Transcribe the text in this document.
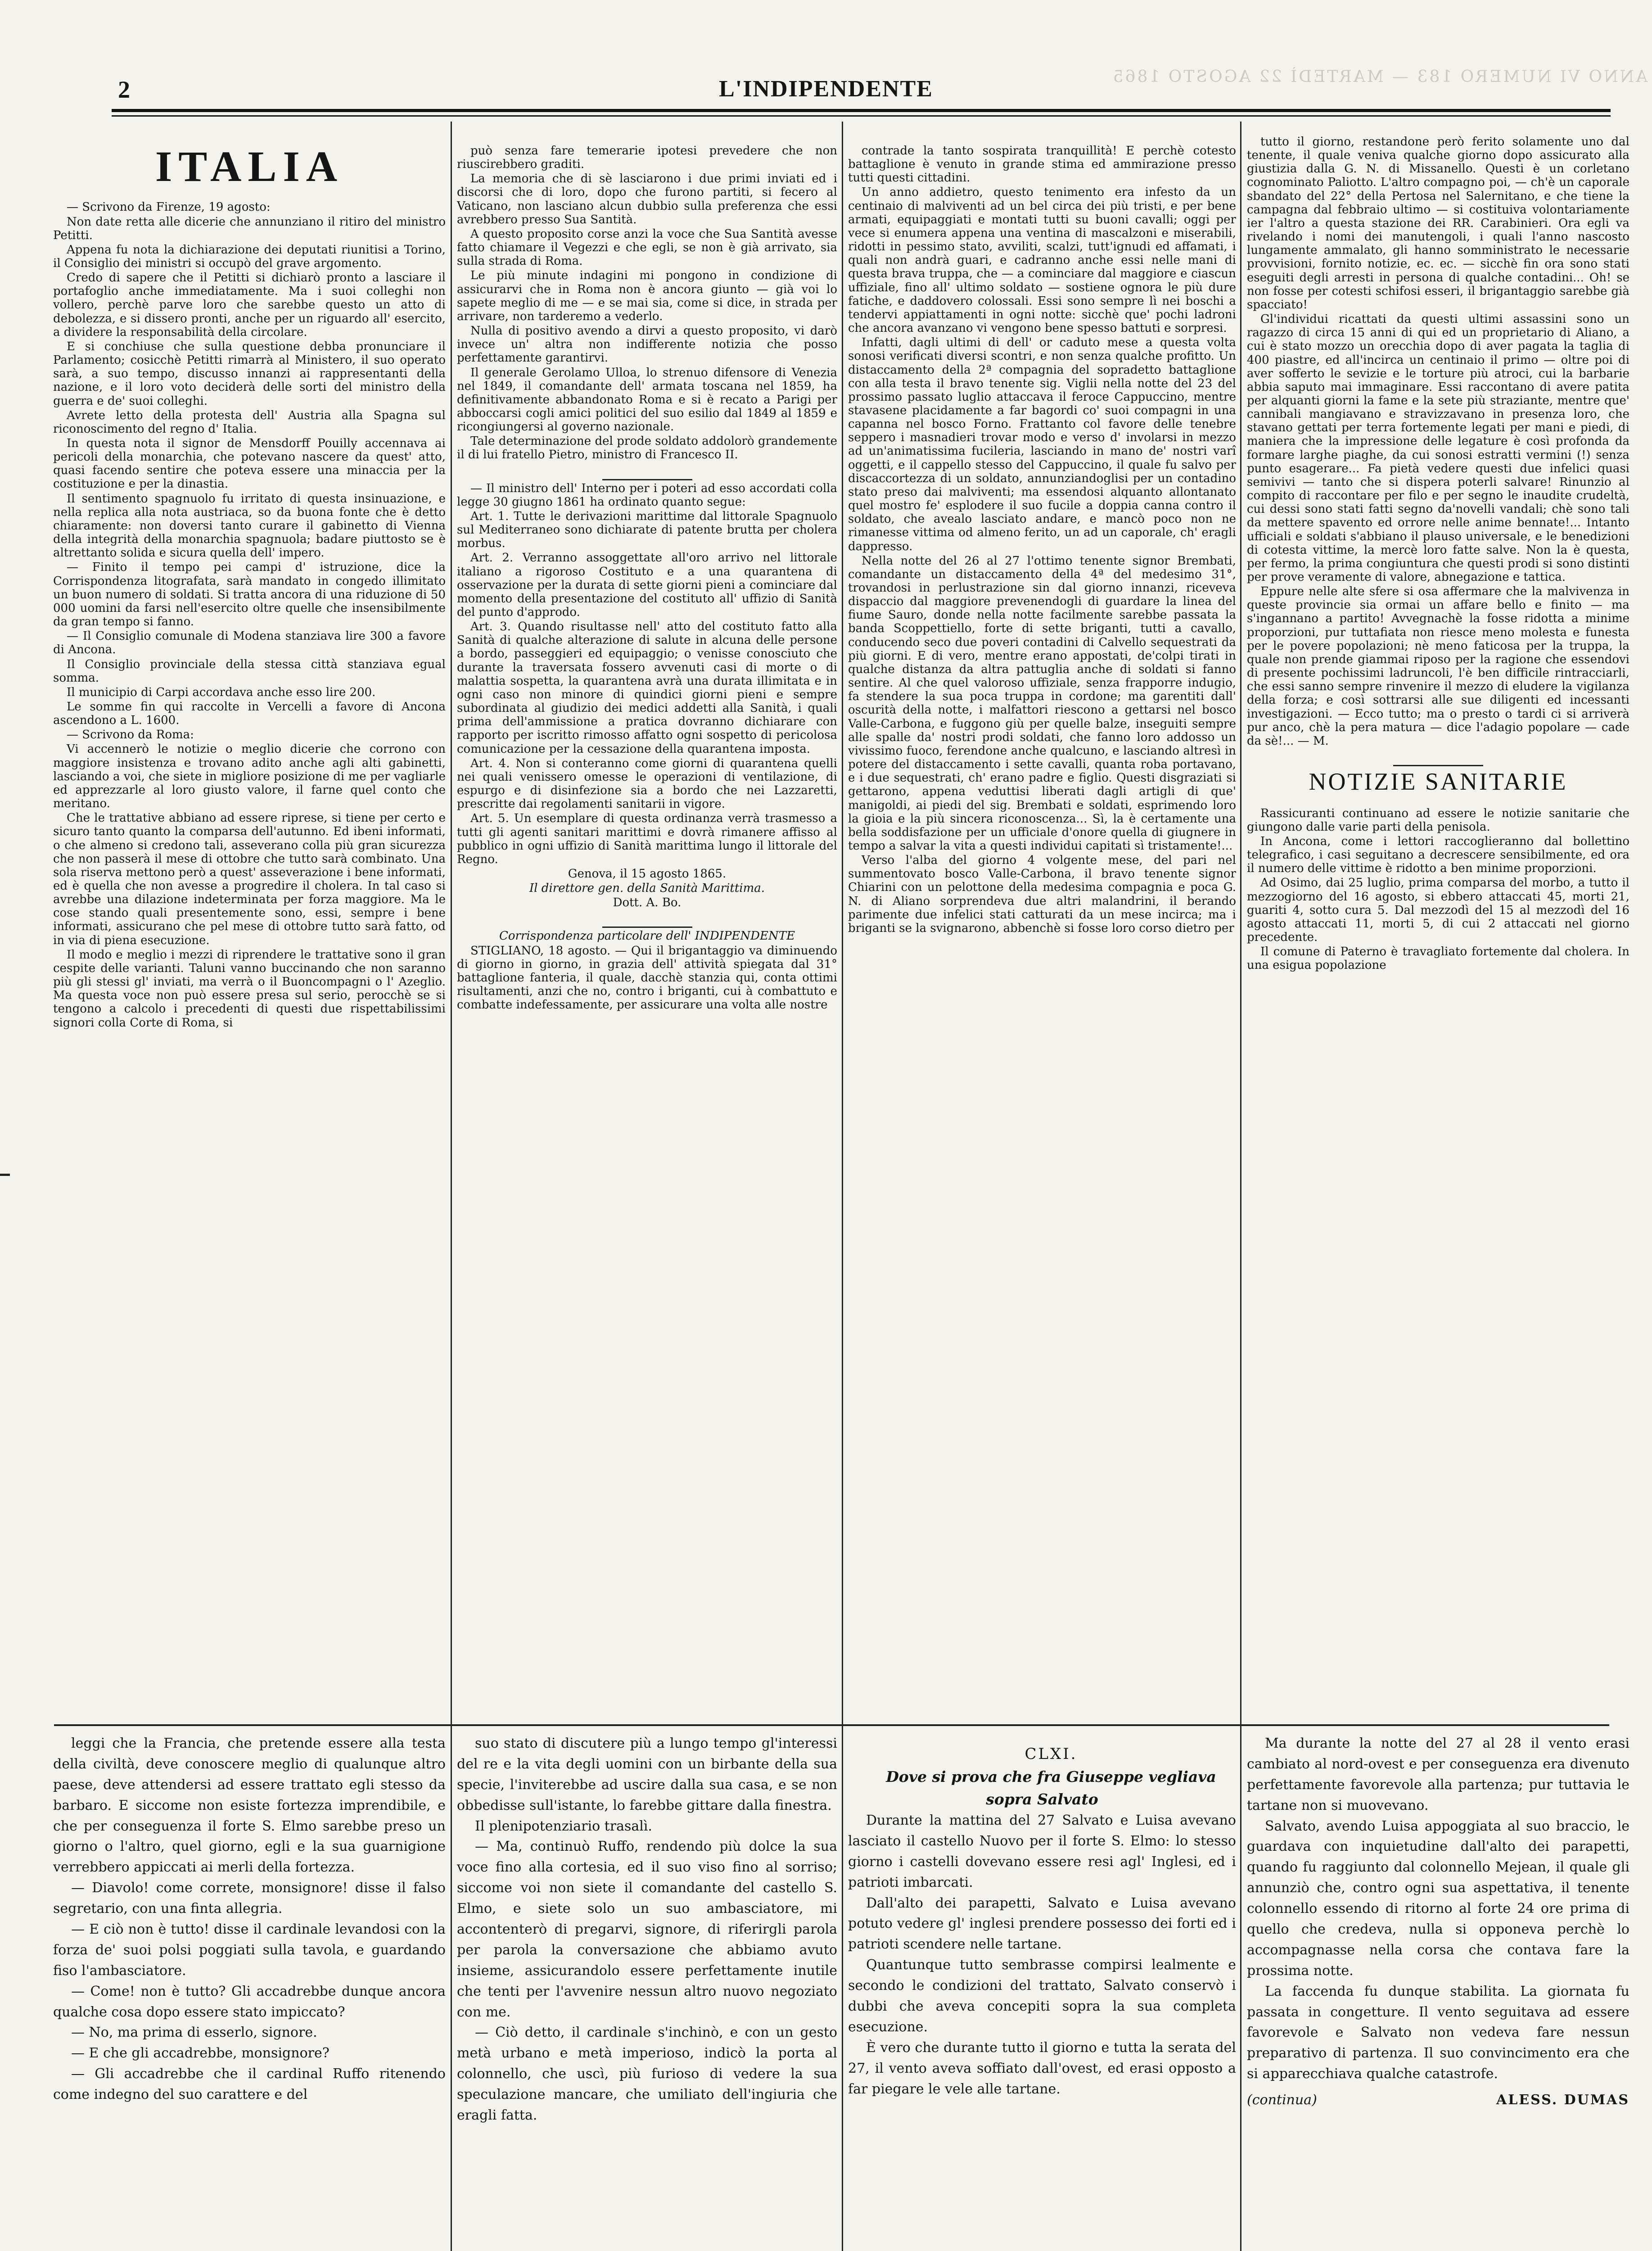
ANNO VI NUMERO 183 — MARTEDÌ 22 AGOSTO 1865
2	L'INDIPENDENTE
ITALIA

— Scrivono da Firenze, 19 agosto:

Non date retta alle dicerie che annunziano il ritiro del ministro Petitti.

Appena fu nota la dichiarazione dei deputati riunitisi a Torino, il Consiglio dei ministri si occupò del grave argomento.

Credo di sapere che il Petitti si dichiarò pronto a lasciare il portafoglio anche immediatamente. Ma i suoi colleghi non vollero, perchè parve loro che sarebbe questo un atto di debolezza, e si dissero pronti, anche per un riguardo all' esercito, a dividere la responsabilità della circolare.

E si conchiuse che sulla questione debba pronunciare il Parlamento; cosicchè Petitti rimarrà al Ministero, il suo operato sarà, a suo tempo, discusso innanzi ai rappresentanti della nazione, e il loro voto deciderà delle sorti del ministro della guerra e de' suoi colleghi.

Avrete letto della protesta dell' Austria alla Spagna sul riconoscimento del regno d' Italia.

In questa nota il signor de Mensdorff Pouilly accennava ai pericoli della monarchia, che potevano nascere da quest' atto, quasi facendo sentire che poteva essere una minaccia per la costituzione e per la dinastia.

Il sentimento spagnuolo fu irritato di questa insinuazione, e nella replica alla nota austriaca, so da buona fonte che è detto chiaramente: non doversi tanto curare il gabinetto di Vienna della integrità della monarchia spagnuola; badare piuttosto se è altrettanto solida e sicura quella dell' impero.

— Finito il tempo pei campi d' istruzione, dice la Corrispondenza litografata, sarà mandato in congedo illimitato un buon numero di soldati. Si tratta ancora di una riduzione di 50 000 uomini da farsi nell'esercito oltre quelle che insensibilmente da gran tempo si fanno.

— Il Consiglio comunale di Modena stanziava lire 300 a favore di Ancona.

Il Consiglio provinciale della stessa città stanziava egual somma.

Il municipio di Carpi accordava anche esso lire 200.

Le somme fin qui raccolte in Vercelli a favore di Ancona ascendono a L. 1600.

— Scrivono da Roma:

Vi accennerò le notizie o meglio dicerie che corrono con maggiore insistenza e trovano adito anche agli alti gabinetti, lasciando a voi, che siete in migliore posizione di me per vagliarle ed apprezzarle al loro giusto valore, il farne quel conto che meritano.

Che le trattative abbiano ad essere riprese, si tiene per certo e sicuro tanto quanto la comparsa dell'autunno. Ed ibeni informati, o che almeno si credono tali, asseverano colla più gran sicurezza che non passerà il mese di ottobre che tutto sarà combinato. Una sola riserva mettono però a quest' asseverazione i bene informati, ed è quella che non avesse a progredire il cholera. In tal caso si avrebbe una dilazione indeterminata per forza maggiore. Ma le cose stando quali presentemente sono, essi, sempre i bene informati, assicurano che pel mese di ottobre tutto sarà fatto, od in via di piena esecuzione.

Il modo e meglio i mezzi di riprendere le trattative sono il gran cespite delle varianti. Taluni vanno buccinando che non saranno più gli stessi gl' inviati, ma verrà o il Buoncompagni o l' Azeglio. Ma questa voce non può essere presa sul serio, perocchè se si tengono a calcolo i precedenti di questi due rispettabilissimi signori colla Corte di Roma, si

può senza fare temerarie ipotesi prevedere che non riuscirebbero graditi.

La memoria che di sè lasciarono i due primi inviati ed i discorsi che di loro, dopo che furono partiti, si fecero al Vaticano, non lasciano alcun dubbio sulla preferenza che essi avrebbero presso Sua Santità.

A questo proposito corse anzi la voce che Sua Santità avesse fatto chiamare il Vegezzi e che egli, se non è già arrivato, sia sulla strada di Roma.

Le più minute indagini mi pongono in condizione di assicurarvi che in Roma non è ancora giunto — già voi lo sapete meglio di me — e se mai sia, come si dice, in strada per arrivare, non tarderemo a vederlo.

Nulla di positivo avendo a dirvi a questo proposito, vi darò invece un' altra non indifferente notizia che posso perfettamente garantirvi.

Il generale Gerolamo Ulloa, lo strenuo difensore di Venezia nel 1849, il comandante dell' armata toscana nel 1859, ha definitivamente abbandonato Roma e si è recato a Parigi per abboccarsi cogli amici politici del suo esilio dal 1849 al 1859 e ricongiungersi al governo nazionale.

Tale determinazione del prode soldato addolorò grandemente il di lui fratello Pietro, ministro di Francesco II.

— Il ministro dell' Interno per i poteri ad esso accordati colla legge 30 giugno 1861 ha ordinato quanto segue:

Art. 1. Tutte le derivazioni marittime dal littorale Spagnuolo sul Mediterraneo sono dichiarate di patente brutta per cholera morbus.

Art. 2. Verranno assoggettate all'oro arrivo nel littorale italiano a rigoroso Costituto e a una quarantena di osservazione per la durata di sette giorni pieni a cominciare dal momento della presentazione del costituto all' uffizio di Sanità del punto d'approdo.

Art. 3. Quando risultasse nell' atto del costituto fatto alla Sanità di qualche alterazione di salute in alcuna delle persone a bordo, passeggieri ed equipaggio; o venisse conosciuto che durante la traversata fossero avvenuti casi di morte o di malattia sospetta, la quarantena avrà una durata illimitata e in ogni caso non minore di quindici giorni pieni e sempre subordinata al giudizio dei medici addetti alla Sanità, i quali prima dell'ammissione a pratica dovranno dichiarare con rapporto per iscritto rimosso affatto ogni sospetto di pericolosa comunicazione per la cessazione della quarantena imposta.

Art. 4. Non si conteranno come giorni di quarantena quelli nei quali venissero omesse le operazioni di ventilazione, di espurgo e di disinfezione sia a bordo che nei Lazzaretti, prescritte dai regolamenti sanitarii in vigore.

Art. 5. Un esemplare di questa ordinanza verrà trasmesso a tutti gli agenti sanitari marittimi e dovrà rimanere affisso al pubblico in ogni uffizio di Sanità marittima lungo il littorale del Regno.

Genova, il 15 agosto 1865.

Il direttore gen. della Sanità Marittima.

Dott. A. Bo.

Corrispondenza particolare dell' INDIPENDENTE

STIGLIANO, 18 agosto. — Qui il brigantaggio va diminuendo di giorno in giorno, in grazia dell' attività spiegata dal 31° battaglione fanteria, il quale, dacchè stanzia qui, conta ottimi risultamenti, anzi che no, contro i briganti, cui à combattuto e combatte indefessamente, per assicurare una volta alle nostre

contrade la tanto sospirata tranquillità! E perchè cotesto battaglione è venuto in grande stima ed ammirazione presso tutti questi cittadini.

Un anno addietro, questo tenimento era infesto da un centinaio di malviventi ad un bel circa dei più tristi, e per bene armati, equipaggiati e montati tutti su buoni cavalli; oggi per vece si enumera appena una ventina di mascalzoni e miserabili, ridotti in pessimo stato, avviliti, scalzi, tutt'ignudi ed affamati, i quali non andrà guari, e cadranno anche essi nelle mani di questa brava truppa, che — a cominciare dal maggiore e ciascun uffiziale, fino all' ultimo soldato — sostiene ognora le più dure fatiche, e daddovero colossali. Essi sono sempre lì nei boschi a tendervi appiattamenti in ogni notte: sicchè que' pochi ladroni che ancora avanzano vi vengono bene spesso battuti e sorpresi.

Infatti, dagli ultimi di dell' or caduto mese a questa volta sonosi verificati diversi scontri, e non senza qualche profitto. Un distaccamento della 2ª compagnia del sopradetto battaglione con alla testa il bravo tenente sig. Viglii nella notte del 23 del prossimo passato luglio attaccava il feroce Cappuccino, mentre stavasene placidamente a far bagordi co' suoi compagni in una capanna nel bosco Forno. Frattanto col favore delle tenebre seppero i masnadieri trovar modo e verso d' involarsi in mezzo ad un'animatissima fucileria, lasciando in mano de' nostri varî oggetti, e il cappello stesso del Cappuccino, il quale fu salvo per discaccortezza di un soldato, annunziandoglisi per un contadino stato preso dai malviventi; ma essendosi alquanto allontanato quel mostro fe' esplodere il suo fucile a doppia canna contro il soldato, che avealo lasciato andare, e mancò poco non ne rimanesse vittima od almeno ferito, un ad un caporale, ch' eragli dappresso.

Nella notte del 26 al 27 l'ottimo tenente signor Brembati, comandante un distaccamento della 4ª del medesimo 31°, trovandosi in perlustrazione sin dal giorno innanzi, riceveva dispaccio dal maggiore prevenendogli di guardare la linea del fiume Sauro, donde nella notte facilmente sarebbe passata la banda Scoppettiello, forte di sette briganti, tutti a cavallo, conducendo seco due poveri contadini di Calvello sequestrati da più giorni. E di vero, mentre erano appostati, de'colpi tirati in qualche distanza da altra pattuglia anche di soldati si fanno sentire. Al che quel valoroso uffiziale, senza frapporre indugio, fa stendere la sua poca truppa in cordone; ma garentiti dall' oscurità della notte, i malfattori riescono a gettarsi nel bosco Valle-Carbona, e fuggono giù per quelle balze, inseguiti sempre alle spalle da' nostri prodi soldati, che fanno loro addosso un vivissimo fuoco, ferendone anche qualcuno, e lasciando altresì in potere del distaccamento i sette cavalli, quanta roba portavano, e i due sequestrati, ch' erano padre e figlio. Questi disgraziati si gettarono, appena veduttisi liberati dagli artigli di que' manigoldi, ai piedi del sig. Brembati e soldati, esprimendo loro la gioia e la più sincera riconoscenza... Sì, la è certamente una bella soddisfazione per un ufficiale d'onore quella di giugnere in tempo a salvar la vita a questi individui capitati sì tristamente!...

Verso l'alba del giorno 4 volgente mese, del pari nel summentovato bosco Valle-Carbona, il bravo tenente signor Chiarini con un pelottone della medesima compagnia e poca G. N. di Aliano sorprendeva due altri malandrini, il berando parimente due infelici stati catturati da un mese incirca; ma i briganti se la svignarono, abbenchè si fosse loro corso dietro per

tutto il giorno, restandone però ferito solamente uno dal tenente, il quale veniva qualche giorno dopo assicurato alla giustizia dalla G. N. di Missanello. Questi è un corletano cognominato Paliotto. L'altro compagno poi, — ch'è un caporale sbandato del 22° della Pertosa nel Salernitano, e che tiene la campagna dal febbraio ultimo — si costituiva volontariamente ier l'altro a questa stazione dei RR. Carabinieri. Ora egli va rivelando i nomi dei manutengoli, i quali l'anno nascosto lungamente ammalato, gli hanno somministrato le necessarie provvisioni, fornito notizie, ec. ec. — sicchè fin ora sono stati eseguiti degli arresti in persona di qualche contadini... Oh! se non fosse per cotesti schifosi esseri, il brigantaggio sarebbe già spacciato!

Gl'individui ricattati da questi ultimi assassini sono un ragazzo di circa 15 anni di qui ed un proprietario di Aliano, a cui è stato mozzo un orecchia dopo di aver pagata la taglia di 400 piastre, ed all'incirca un centinaio il primo — oltre poi di aver sofferto le sevizie e le torture più atroci, cui la barbarie abbia saputo mai immaginare. Essi raccontano di avere patita per alquanti giorni la fame e la sete più straziante, mentre que' cannibali mangiavano e stravizzavano in presenza loro, che stavano gettati per terra fortemente legati per mani e piedi, di maniera che la impressione delle legature è così profonda da formare larghe piaghe, da cui sonosi estratti vermini (!) senza punto esagerare... Fa pietà vedere questi due infelici quasi semivivi — tanto che si dispera poterli salvare! Rinunzio al compito di raccontare per filo e per segno le inaudite crudeltà, cui dessi sono stati fatti segno da'novelli vandali; chè sono tali da mettere spavento ed orrore nelle anime bennate!... Intanto ufficiali e soldati s'abbiano il plauso universale, e le benedizioni di cotesta vittime, la mercè loro fatte salve. Non la è questa, per fermo, la prima congiuntura che questi prodi si sono distinti per prove veramente di valore, abnegazione e tattica.

Eppure nelle alte sfere si osa affermare che la malvivenza in queste provincie sia ormai un affare bello e finito — ma s'ingannano a partito! Avvegnachè la fosse ridotta a minime proporzioni, pur tuttafiata non riesce meno molesta e funesta per le povere popolazioni; nè meno faticosa per la truppa, la quale non prende giammai riposo per la ragione che essendovi di presente pochissimi ladruncoli, l'è ben difficile rintracciarli, che essi sanno sempre rinvenire il mezzo di eludere la vigilanza della forza; e così sottrarsi alle sue diligenti ed incessanti investigazioni. — Ecco tutto; ma o presto o tardi ci si arriverà pur anco, chè la pera matura — dice l'adagio popolare — cade da sè!... — M.

NOTIZIE SANITARIE

Rassicuranti continuano ad essere le notizie sanitarie che giungono dalle varie parti della penisola.

In Ancona, come i lettori raccoglieranno dal bollettino telegrafico, i casi seguitano a decrescere sensibilmente, ed ora il numero delle vittime è ridotto a ben minime proporzioni.

Ad Osimo, dai 25 luglio, prima comparsa del morbo, a tutto il mezzogiorno del 16 agosto, si ebbero attaccati 45, morti 21, guariti 4, sotto cura 5. Dal mezzodì del 15 al mezzodì del 16 agosto attaccati 11, morti 5, di cui 2 attaccati nel giorno precedente.

Il comune di Paterno è travagliato fortemente dal cholera. In una esigua popolazione

leggi che la Francia, che pretende essere alla testa della civiltà, deve conoscere meglio di qualunque altro paese, deve attendersi ad essere trattato egli stesso da barbaro. E siccome non esiste fortezza imprendibile, e che per conseguenza il forte S. Elmo sarebbe preso un giorno o l'altro, quel giorno, egli e la sua guarnigione verrebbero appiccati ai merli della fortezza.

— Diavolo! come correte, monsignore! disse il falso segretario, con una finta allegria.

— E ciò non è tutto! disse il cardinale levandosi con la forza de' suoi polsi poggiati sulla tavola, e guardando fiso l'ambasciatore.

— Come! non è tutto? Gli accadrebbe dunque ancora qualche cosa dopo essere stato impiccato?

— No, ma prima di esserlo, signore.

— E che gli accadrebbe, monsignore?

— Gli accadrebbe che il cardinal Ruffo ritenendo come indegno del suo carattere e del

suo stato di discutere più a lungo tempo gl'interessi del re e la vita degli uomini con un birbante della sua specie, l'inviterebbe ad uscire dalla sua casa, e se non obbedisse sull'istante, lo farebbe gittare dalla finestra.

Il plenipotenziario trasalì.

— Ma, continuò Ruffo, rendendo più dolce la sua voce fino alla cortesia, ed il suo viso fino al sorriso; siccome voi non siete il comandante del castello S. Elmo, e siete solo un suo ambasciatore, mi accontenterò di pregarvi, signore, di riferirgli parola per parola la conversazione che abbiamo avuto insieme, assicurandolo essere perfettamente inutile che tenti per l'avvenire nessun altro nuovo negoziato con me.

— Ciò detto, il cardinale s'inchinò, e con un gesto metà urbano e metà imperioso, indicò la porta al colonnello, che uscì, più furioso di vedere la sua speculazione mancare, che umiliato dell'ingiuria che eragli fatta.

CLXI.

Dove si prova che fra Giuseppe vegliava sopra Salvato

Durante la mattina del 27 Salvato e Luisa avevano lasciato il castello Nuovo per il forte S. Elmo: lo stesso giorno i castelli dovevano essere resi agl' Inglesi, ed i patrioti imbarcati.

Dall'alto dei parapetti, Salvato e Luisa avevano potuto vedere gl' inglesi prendere possesso dei forti ed i patrioti scendere nelle tartane.

Quantunque tutto sembrasse compirsi lealmente e secondo le condizioni del trattato, Salvato conservò i dubbi che aveva concepiti sopra la sua completa esecuzione.

È vero che durante tutto il giorno e tutta la serata del 27, il vento aveva soffiato dall'ovest, ed erasi opposto a far piegare le vele alle tartane.

Ma durante la notte del 27 al 28 il vento erasi cambiato al nord-ovest e per conseguenza era divenuto perfettamente favorevole alla partenza; pur tuttavia le tartane non si muovevano.

Salvato, avendo Luisa appoggiata al suo braccio, le guardava con inquietudine dall'alto dei parapetti, quando fu raggiunto dal colonnello Mejean, il quale gli annunziò che, contro ogni sua aspettativa, il tenente colonnello essendo di ritorno al forte 24 ore prima di quello che credeva, nulla si opponeva perchè lo accompagnasse nella corsa che contava fare la prossima notte.

La faccenda fu dunque stabilita. La giornata fu passata in congetture. Il vento seguitava ad essere favorevole e Salvato non vedeva fare nessun preparativo di partenza. Il suo convincimento era che si apparecchiava qualche catastrofe.

(continua)	ALESS. DUMAS
